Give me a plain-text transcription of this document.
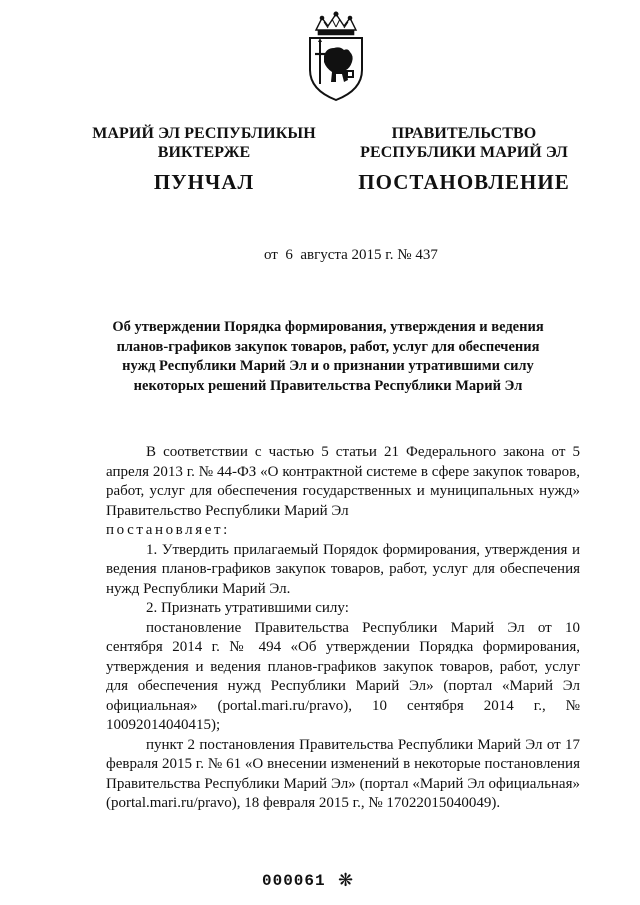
МАРИЙ ЭЛ РЕСПУБЛИКЫН
ВИКТЕРЖЕ
ПРАВИТЕЛЬСТВО
РЕСПУБЛИКИ МАРИЙ ЭЛ
ПУНЧАЛ	ПОСТАНОВЛЕНИЕ
от  6  августа 2015 г. № 437
Об утверждении Порядка формирования, утверждения и ведения
планов-графиков закупок товаров, работ, услуг для обеспечения
нужд Республики Марий Эл и о признании утратившими силу
некоторых решений Правительства Республики Марий Эл

В соответствии с частью 5 статьи 21 Федерального закона от 5 апреля 2013 г. № 44-ФЗ «О контрактной системе в сфере закупок товаров, работ, услуг для обеспечения государственных и муниципальных нужд» Правительство Республики Марий Эл

постановляет:

1. Утвердить прилагаемый Порядок формирования, утверждения и ведения планов-графиков закупок товаров, работ, услуг для обеспечения нужд Республики Марий Эл.

2. Признать утратившими силу:

постановление Правительства Республики Марий Эл от 10 сентября 2014 г. № 494 «Об утверждении Порядка формирования, утверждения и ведения планов-графиков закупок товаров, работ, услуг для обеспечения нужд Республики Марий Эл» (портал «Марий Эл официальная» (portal.mari.ru/pravo), 10 сентября 2014 г., № 10092014040415);

пункт 2 постановления Правительства Республики Марий Эл от 17 февраля 2015 г. № 61 «О внесении изменений в некоторые постановления Правительства Республики Марий Эл» (портал «Марий Эл официальная» (portal.mari.ru/pravo), 18 февраля 2015 г., № 17022015040049).

000061 ❋
